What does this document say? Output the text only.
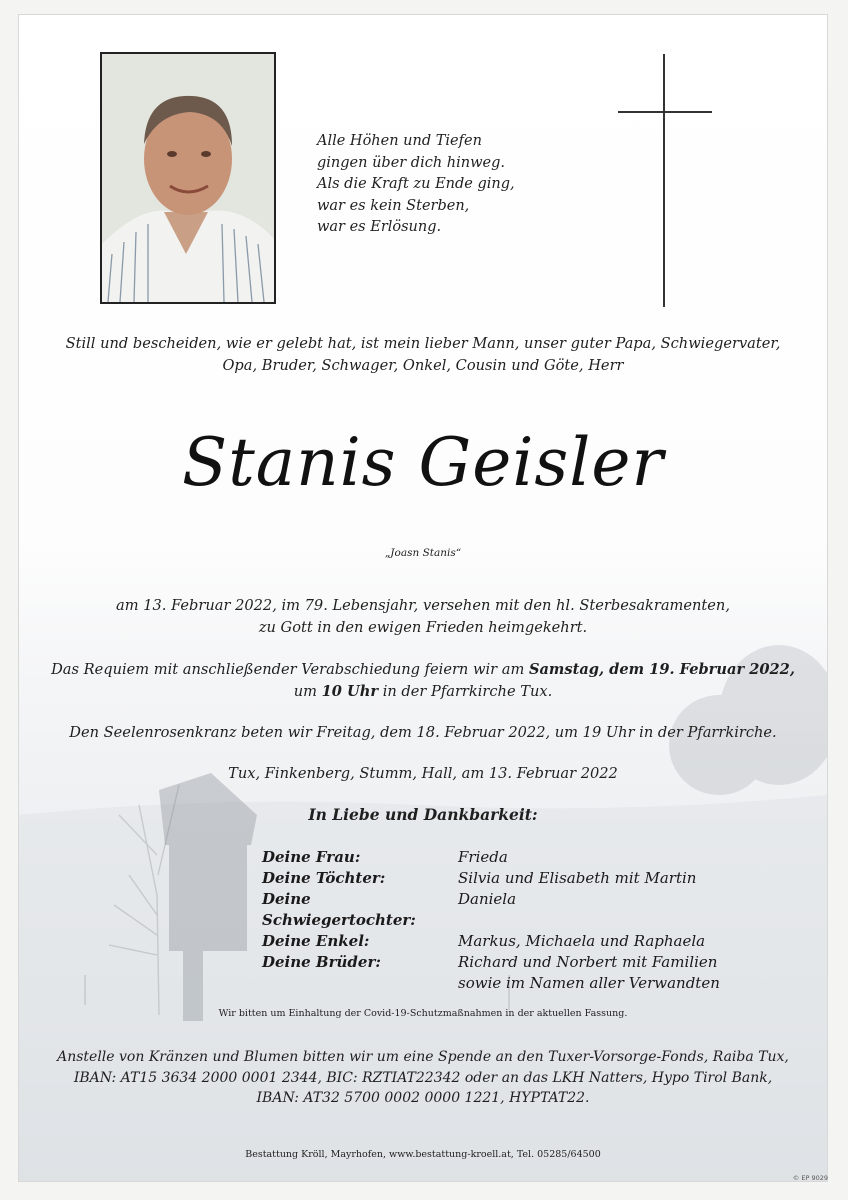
Alle Höhen und Tiefen
gingen über dich hinweg.
Als die Kraft zu Ende ging,
war es kein Sterben,
war es Erlösung.
Still und bescheiden, wie er gelebt hat, ist mein lieber Mann, unser guter Papa, Schwiegervater,
Opa, Bruder, Schwager, Onkel, Cousin und Göte, Herr
Stanis Geisler
„Joasn Stanis“
am 13. Februar 2022, im 79. Lebensjahr, versehen mit den hl. Sterbesakramenten,
zu Gott in den ewigen Frieden heimgekehrt.
Das Requiem mit anschließender Verabschiedung feiern wir am Samstag, dem 19. Februar 2022,
um 10 Uhr in der Pfarrkirche Tux.
Den Seelenrosenkranz beten wir Freitag, dem 18. Februar 2022, um 19 Uhr in der Pfarrkirche.
Tux, Finkenberg, Stumm, Hall, am 13. Februar 2022
In Liebe und Dankbarkeit:
Deine Frau:	Frieda
Deine Töchter:	Silvia und Elisabeth mit Martin
Deine Schwiegertochter:
Daniela
Deine Enkel:	Markus, Michaela und Raphaela
Deine Brüder:	Richard und Norbert mit Familien
sowie im Namen aller Verwandten
Wir bitten um Einhaltung der Covid-19-Schutzmaßnahmen in der aktuellen Fassung.
Anstelle von Kränzen und Blumen bitten wir um eine Spende an den Tuxer-Vorsorge-Fonds, Raiba Tux,
IBAN: AT15 3634 2000 0001 2344, BIC: RZTIAT22342 oder an das LKH Natters, Hypo Tirol Bank,
IBAN: AT32 5700 0002 0000 1221, HYPTAT22.
Bestattung Kröll, Mayrhofen, www.bestattung-kroell.at, Tel. 05285/64500
© EP 9029
